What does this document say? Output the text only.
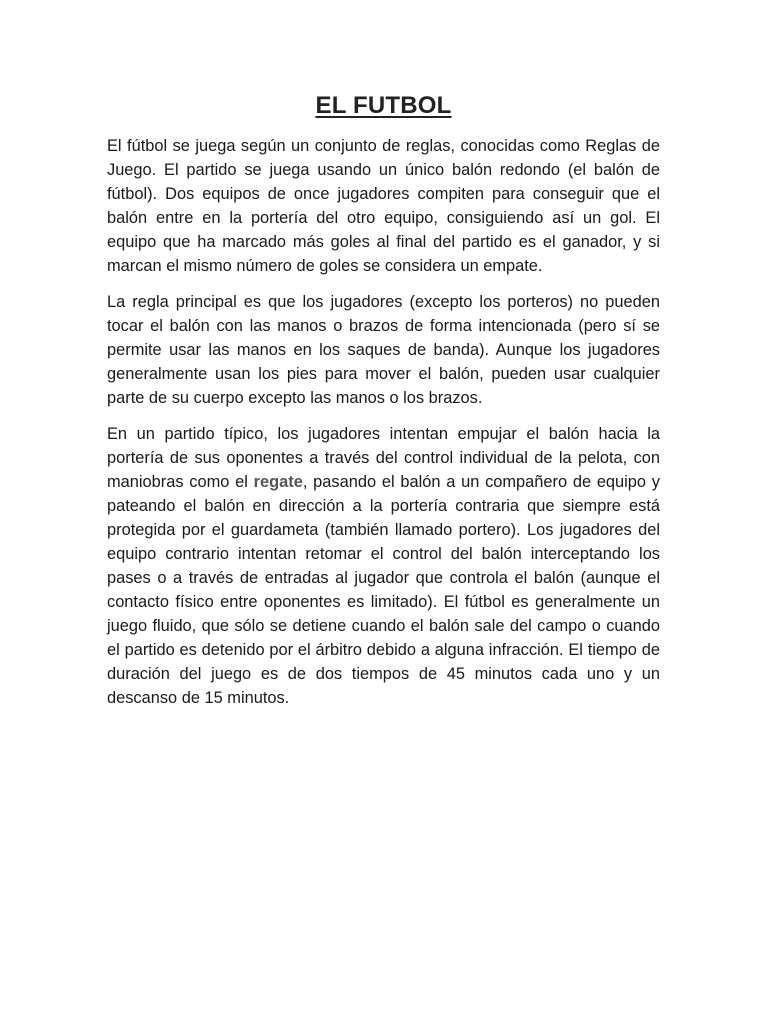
EL FUTBOL

El fútbol se juega según un conjunto de reglas, conocidas como Reglas de Juego. El partido se juega usando un único balón redondo (el balón de fútbol). Dos equipos de once jugadores compiten para conseguir que el balón entre en la portería del otro equipo, consiguiendo así un gol. El equipo que ha marcado más goles al final del partido es el ganador, y si marcan el mismo número de goles se considera un empate.

La regla principal es que los jugadores (excepto los porteros) no pueden tocar el balón con las manos o brazos de forma intencionada (pero sí se permite usar las manos en los saques de banda). Aunque los jugadores generalmente usan los pies para mover el balón, pueden usar cualquier parte de su cuerpo excepto las manos o los brazos.

En un partido típico, los jugadores intentan empujar el balón hacia la portería de sus oponentes a través del control individual de la pelota, con maniobras como el regate, pasando el balón a un compañero de equipo y pateando el balón en dirección a la portería contraria que siempre está protegida por el guardameta (también llamado portero). Los jugadores del equipo contrario intentan retomar el control del balón interceptando los pases o a través de entradas al jugador que controla el balón (aunque el contacto físico entre oponentes es limitado). El fútbol es generalmente un juego fluido, que sólo se detiene cuando el balón sale del campo o cuando el partido es detenido por el árbitro debido a alguna infracción. El tiempo de duración del juego es de dos tiempos de 45 minutos cada uno y un descanso de 15 minutos.
